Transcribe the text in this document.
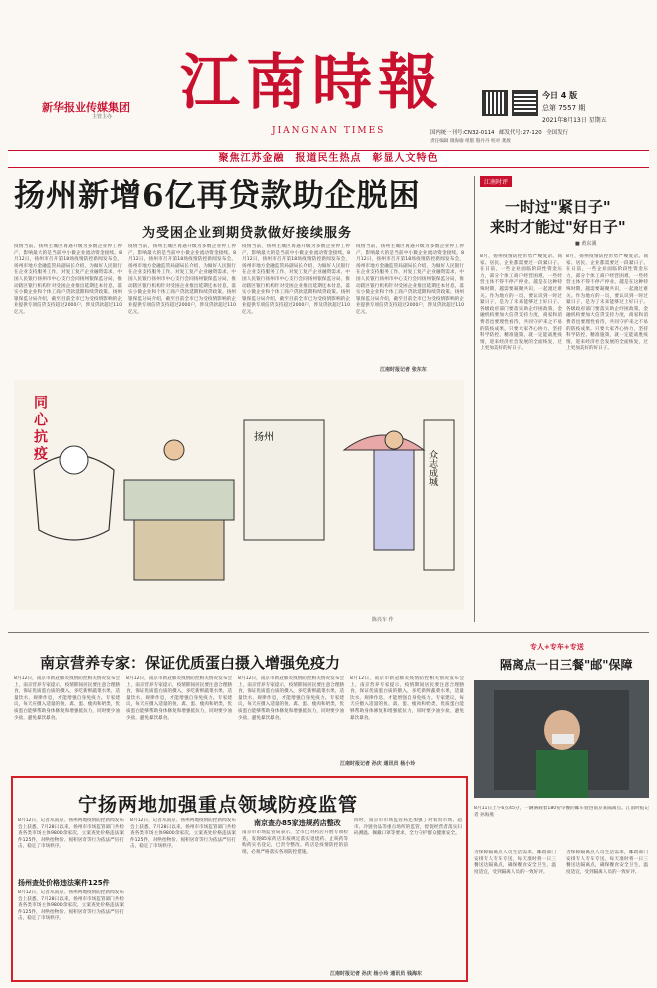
新华报业传媒集团
主管主办 江南時報
JIANGNAN TIMES
今日 4 版
总第 7557 期
2021年8月13日 星期五
国内统一刊号:CN32-0114 邮发代号:27-120 全国发行
责任编辑 镇海瑜 组版 殷丹丹 校对 龚渡
聚焦江苏金融　报道民生热点　彰显人文特色
扬州新增6亿再贷款助企脱困
为受困企业到期贷款做好接续服务
疫情当前，扬州主城区再遇升级为多数企业停工停产，影响最大的是当前中小微企业流动资金接续。8月12日，扬州市召开第18场疫情防控新闻发布会，扬州市地方金融监管局副局长介绍，为做好人民银行在企业支持服务工作，对复工复产企业融资需求，中国人民银行扬州市中心支行会同扬州银保监分局，推动辖区银行机构针对受困企业推出延期还本付息，落实小微企业和个体工商户贷款延期和续贷政策。扬州银保监分局介绍，截至目前全市已为受疫情影响的企业提供专项信贷支持超过2000户，涉及贷款超过110亿元。
疫情当前，扬州主城区再遇升级为多数企业停工停产，影响最大的是当前中小微企业流动资金接续。8月12日，扬州市召开第18场疫情防控新闻发布会，扬州市地方金融监管局副局长介绍，为做好人民银行在企业支持服务工作，对复工复产企业融资需求，中国人民银行扬州市中心支行会同扬州银保监分局，推动辖区银行机构针对受困企业推出延期还本付息，落实小微企业和个体工商户贷款延期和续贷政策。扬州银保监分局介绍，截至目前全市已为受疫情影响的企业提供专项信贷支持超过2000户，涉及贷款超过110亿元。
疫情当前，扬州主城区再遇升级为多数企业停工停产，影响最大的是当前中小微企业流动资金接续。8月12日，扬州市召开第18场疫情防控新闻发布会，扬州市地方金融监管局副局长介绍，为做好人民银行在企业支持服务工作，对复工复产企业融资需求，中国人民银行扬州市中心支行会同扬州银保监分局，推动辖区银行机构针对受困企业推出延期还本付息，落实小微企业和个体工商户贷款延期和续贷政策。扬州银保监分局介绍，截至目前全市已为受疫情影响的企业提供专项信贷支持超过2000户，涉及贷款超过110亿元。
疫情当前，扬州主城区再遇升级为多数企业停工停产，影响最大的是当前中小微企业流动资金接续。8月12日，扬州市召开第18场疫情防控新闻发布会，扬州市地方金融监管局副局长介绍，为做好人民银行在企业支持服务工作，对复工复产企业融资需求，中国人民银行扬州市中心支行会同扬州银保监分局，推动辖区银行机构针对受困企业推出延期还本付息，落实小微企业和个体工商户贷款延期和续贷政策。扬州银保监分局介绍，截至目前全市已为受疫情影响的企业提供专项信贷支持超过2000户，涉及贷款超过110亿元。
江南时报记者 张东东
扬州
众志成城
同心抗疫
陈亮车 作
江南时评
一时过"紧日子"
来时才能过"好日子"
■ 黄东溪
8月，扬州疫情防控形势严峻复杂。商家、居民、企业都需要过一段紧日子。在日前，一些企业面临阶段性资金压力，部分个体工商户经营困难，一些经营主体不得不停产停业。越是在这种特殊时期，越需要凝聚共识，一起渡过难关。作为地方的一员，要认识到一时过紧日子，是为了未来能够过上好日子。各级政府部门要落实助企纾困政策，金融机构要加大信贷支持力度，商家和消费者也要理性看待，共同守护来之不易的防疫成果。只要大家齐心协力，坚持科学防控、精准施策，就一定能战胜疫情，迎来经济社会发展的全面恢复，过上更加美好的好日子。
8月，扬州疫情防控形势严峻复杂。商家、居民、企业都需要过一段紧日子。在日前，一些企业面临阶段性资金压力，部分个体工商户经营困难，一些经营主体不得不停产停业。越是在这种特殊时期，越需要凝聚共识，一起渡过难关。作为地方的一员，要认识到一时过紧日子，是为了未来能够过上好日子。各级政府部门要落实助企纾困政策，金融机构要加大信贷支持力度，商家和消费者也要理性看待，共同守护来之不易的防疫成果。只要大家齐心协力，坚持科学防控、精准施策，就一定能战胜疫情，迎来经济社会发展的全面恢复，过上更加美好的好日子。
专人+专车+专送
隔离点一日三餐"邮"保障
8月11日上午6点45分，一辆满载着180份早餐的邮车驶进南京某隔离点。江南时报记者 孙海燕
为保障隔离点人员生活需求，邮政部门安排专人专车专送，每天准时将一日三餐送达隔离点，确保餐食安全卫生、温度适宜，受到隔离人员的一致好评。
为保障隔离点人员生活需求，邮政部门安排专人专车专送，每天准时将一日三餐送达隔离点，确保餐食安全卫生、温度适宜，受到隔离人员的一致好评。
南京营养专家：保证优质蛋白摄入增强免疫力
8月12日，南京市新冠肺炎疫情防控相关情况发布会上，南京营养专家提示，疫情期间居民要注意合理膳食，保证优质蛋白质的摄入，多吃新鲜蔬菜水果，适量饮水，规律作息，才能增强自身免疫力。专家建议，每天应摄入适量的鱼、禽、蛋、瘦肉和奶类，优质蛋白能够帮助身体修复和增强抵抗力，同时要少油少盐，避免暴饮暴食。
8月12日，南京市新冠肺炎疫情防控相关情况发布会上，南京营养专家提示，疫情期间居民要注意合理膳食，保证优质蛋白质的摄入，多吃新鲜蔬菜水果，适量饮水，规律作息，才能增强自身免疫力。专家建议，每天应摄入适量的鱼、禽、蛋、瘦肉和奶类，优质蛋白能够帮助身体修复和增强抵抗力，同时要少油少盐，避免暴饮暴食。
8月12日，南京市新冠肺炎疫情防控相关情况发布会上，南京营养专家提示，疫情期间居民要注意合理膳食，保证优质蛋白质的摄入，多吃新鲜蔬菜水果，适量饮水，规律作息，才能增强自身免疫力。专家建议，每天应摄入适量的鱼、禽、蛋、瘦肉和奶类，优质蛋白能够帮助身体修复和增强抵抗力，同时要少油少盐，避免暴饮暴食。
8月12日，南京市新冠肺炎疫情防控相关情况发布会上，南京营养专家提示，疫情期间居民要注意合理膳食，保证优质蛋白质的摄入，多吃新鲜蔬菜水果，适量饮水，规律作息，才能增强自身免疫力。专家建议，每天应摄入适量的鱼、禽、蛋、瘦肉和奶类，优质蛋白能够帮助身体修复和增强抵抗力，同时要少油少盐，避免暴饮暴食。
江南时报记者 孙庆 通讯员 杨小玲
宁扬两地加强重点领域防疫监管
8月12日，记者从南京、扬州两地疫情防控新闻发布会上获悉，7月28日以来，扬州市市场监管部门共检查各类市场主体9800余家次，立案查处价格违法案件125件，对哄抬物价、囤积居奇等行为依法严厉打击，稳定了市场秩序。
扬州查处价格违法案件125件
8月12日，记者从南京、扬州两地疫情防控新闻发布会上获悉，7月28日以来，扬州市市场监管部门共检查各类市场主体9800余家次，立案查处价格违法案件125件，对哄抬物价、囤积居奇等行为依法严厉打击，稳定了市场秩序。
8月12日，记者从南京、扬州两地疫情防控新闻发布会上获悉，7月28日以来，扬州市市场监管部门共检查各类市场主体9800余家次，立案查处价格违法案件125件，对哄抬物价、囤积居奇等行为依法严厉打击，稳定了市场秩序。
南京查办85家违规药店整改
南京市市场监管局表示，全市已对药店开展专项检查，发现85家药店未按规定落实退烧药、止咳药等购药实名登记，已责令整改。药店是疫情防控的前哨，必须严格落实各项防控措施。
同时，南京市市场监管局还加强了对农贸市场、超市、冷链食品等重点场所的监管，督促经营者落实扫码测温、佩戴口罩等要求，全力守护群众健康安全。
江南时报记者 孙庆 杨小玲 通讯员 钱海东
